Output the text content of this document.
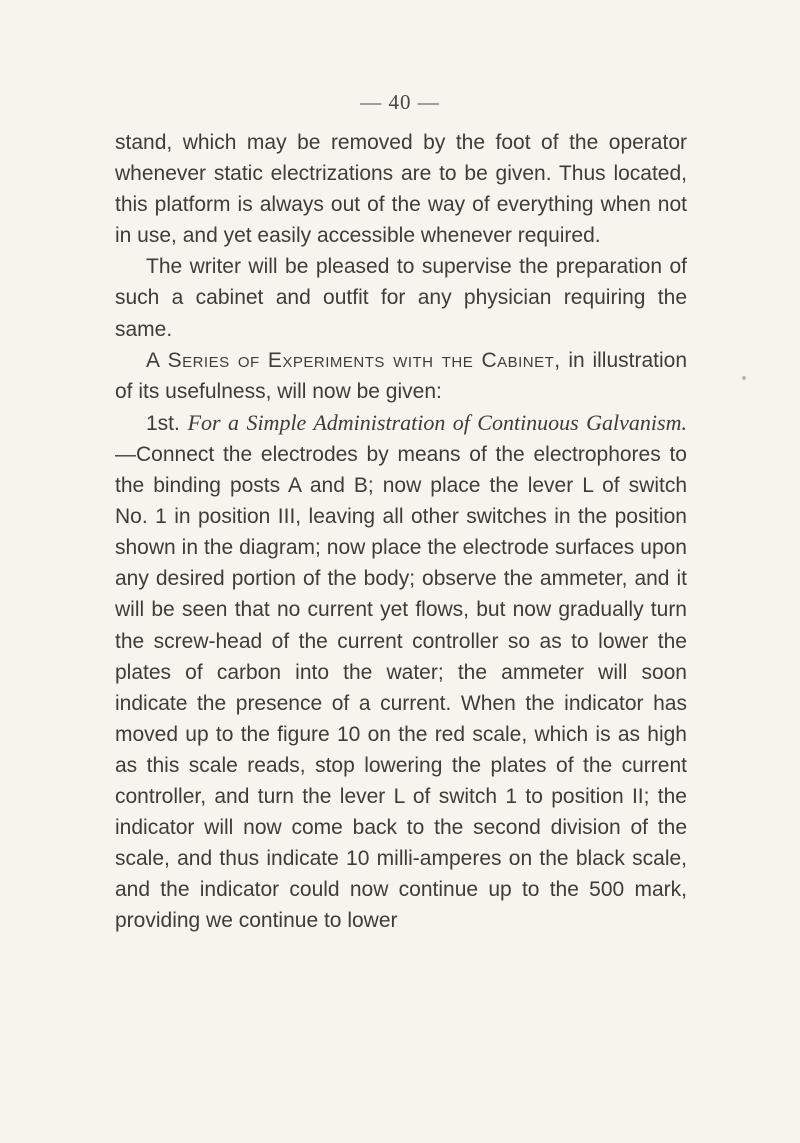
— 40 —

stand, which may be removed by the foot of the operator whenever static electrizations are to be given. Thus located, this platform is always out of the way of everything when not in use, and yet easily accessible whenever required.

The writer will be pleased to supervise the preparation of such a cabinet and outfit for any physician requiring the same.

A Series of Experiments with the Cabinet, in illustration of its usefulness, will now be given:

1st. For a Simple Administration of Continuous Galvanism.—Connect the electrodes by means of the electrophores to the binding posts A and B; now place the lever L of switch No. 1 in position III, leaving all other switches in the position shown in the diagram; now place the electrode surfaces upon any desired portion of the body; observe the ammeter, and it will be seen that no current yet flows, but now gradually turn the screw-head of the current controller so as to lower the plates of carbon into the water; the ammeter will soon indicate the presence of a current. When the indicator has moved up to the figure 10 on the red scale, which is as high as this scale reads, stop lowering the plates of the current controller, and turn the lever L of switch 1 to position II; the indicator will now come back to the second division of the scale, and thus indicate 10 milli-amperes on the black scale, and the indicator could now continue up to the 500 mark, providing we continue to lower
